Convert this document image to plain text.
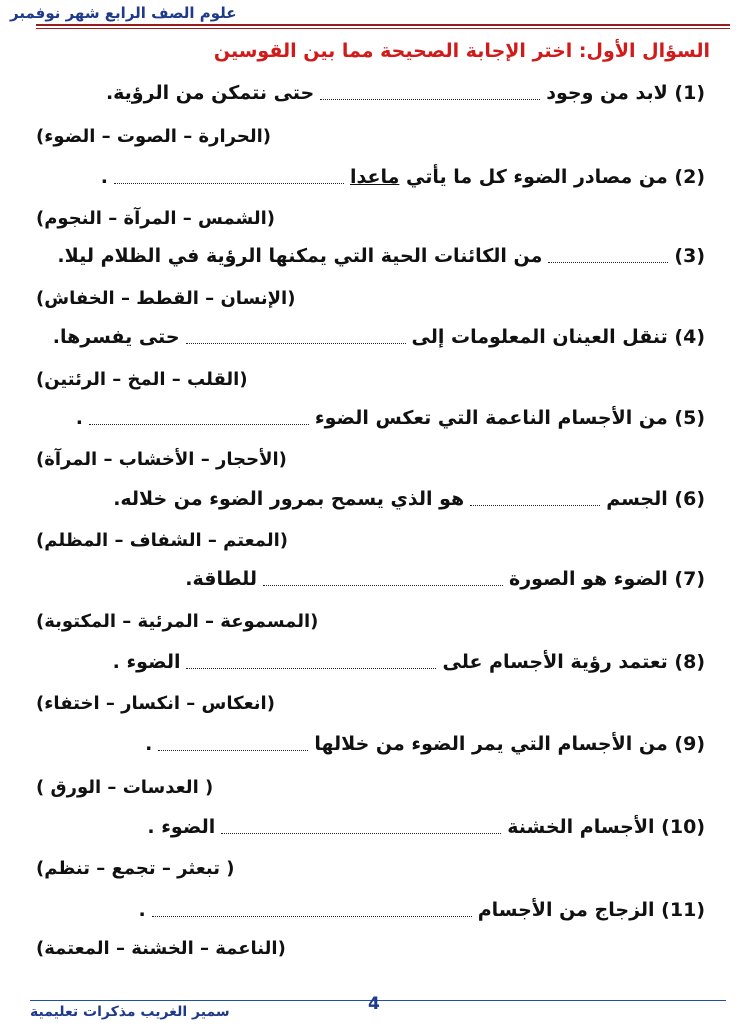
علوم الصف الرابع شهر نوفمبر
السؤال الأول: اختر الإجابة الصحيحة مما بين القوسين
(1) لابد من وجودحتى نتمكن من الرؤية.
(الحرارة – الصوت – الضوء)
(2) من مصادر الضوء كل ما يأتي ماعدا.
(الشمس – المرآة – النجوم)
(3)من الكائنات الحية التي يمكنها الرؤية في الظلام ليلا.
(الإنسان – القطط – الخفاش)
(4) تنقل العينان المعلومات إلىحتى يفسرها.
(القلب – المخ – الرئتين)
(5) من الأجسام الناعمة التي تعكس الضوء.
(الأحجار – الأخشاب – المرآة)
(6) الجسمهو الذي يسمح بمرور الضوء من خلاله.
(المعتم – الشفاف – المظلم)
(7) الضوء هو الصورةللطاقة.
(المسموعة – المرئية – المكتوبة)
(8) تعتمد رؤية الأجسام علىالضوء .
(انعكاس – انكسار – اختفاء)
(9) من الأجسام التي يمر الضوء من خلالها.
( العدسات – الورق )
(10) الأجسام الخشنةالضوء .
(تبعثر – تجمع – تنظم )
(11) الزجاج من الأجسام.
(الناعمة – الخشنة – المعتمة)
4
سمير الغريب مذكرات تعليمية
